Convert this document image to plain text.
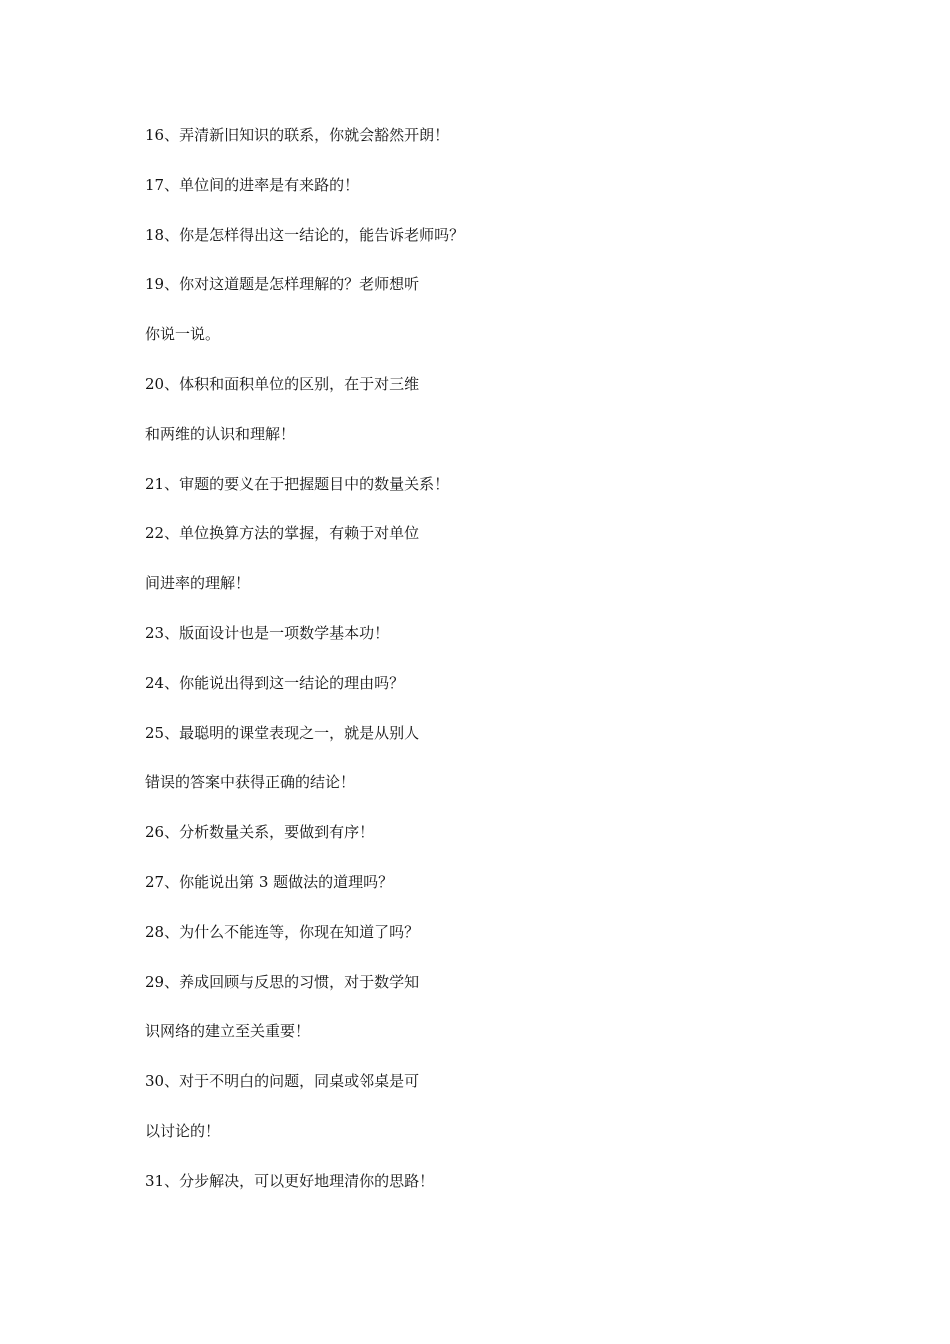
16、弄清新旧知识的联系，你就会豁然开朗！
17、单位间的进率是有来路的！
18、你是怎样得出这一结论的，能告诉老师吗？
19、你对这道题是怎样理解的？老师想听
你说一说。
20、体积和面积单位的区别，在于对三维
和两维的认识和理解！
21、审题的要义在于把握题目中的数量关系！
22、单位换算方法的掌握，有赖于对单位
间进率的理解！
23、版面设计也是一项数学基本功！
24、你能说出得到这一结论的理由吗？
25、最聪明的课堂表现之一，就是从别人
错误的答案中获得正确的结论！
26、分析数量关系，要做到有序！
27、你能说出第 3 题做法的道理吗？
28、为什么不能连等，你现在知道了吗？
29、养成回顾与反思的习惯，对于数学知
识网络的建立至关重要！
30、对于不明白的问题，同桌或邻桌是可
以讨论的！
31、分步解决，可以更好地理清你的思路！
